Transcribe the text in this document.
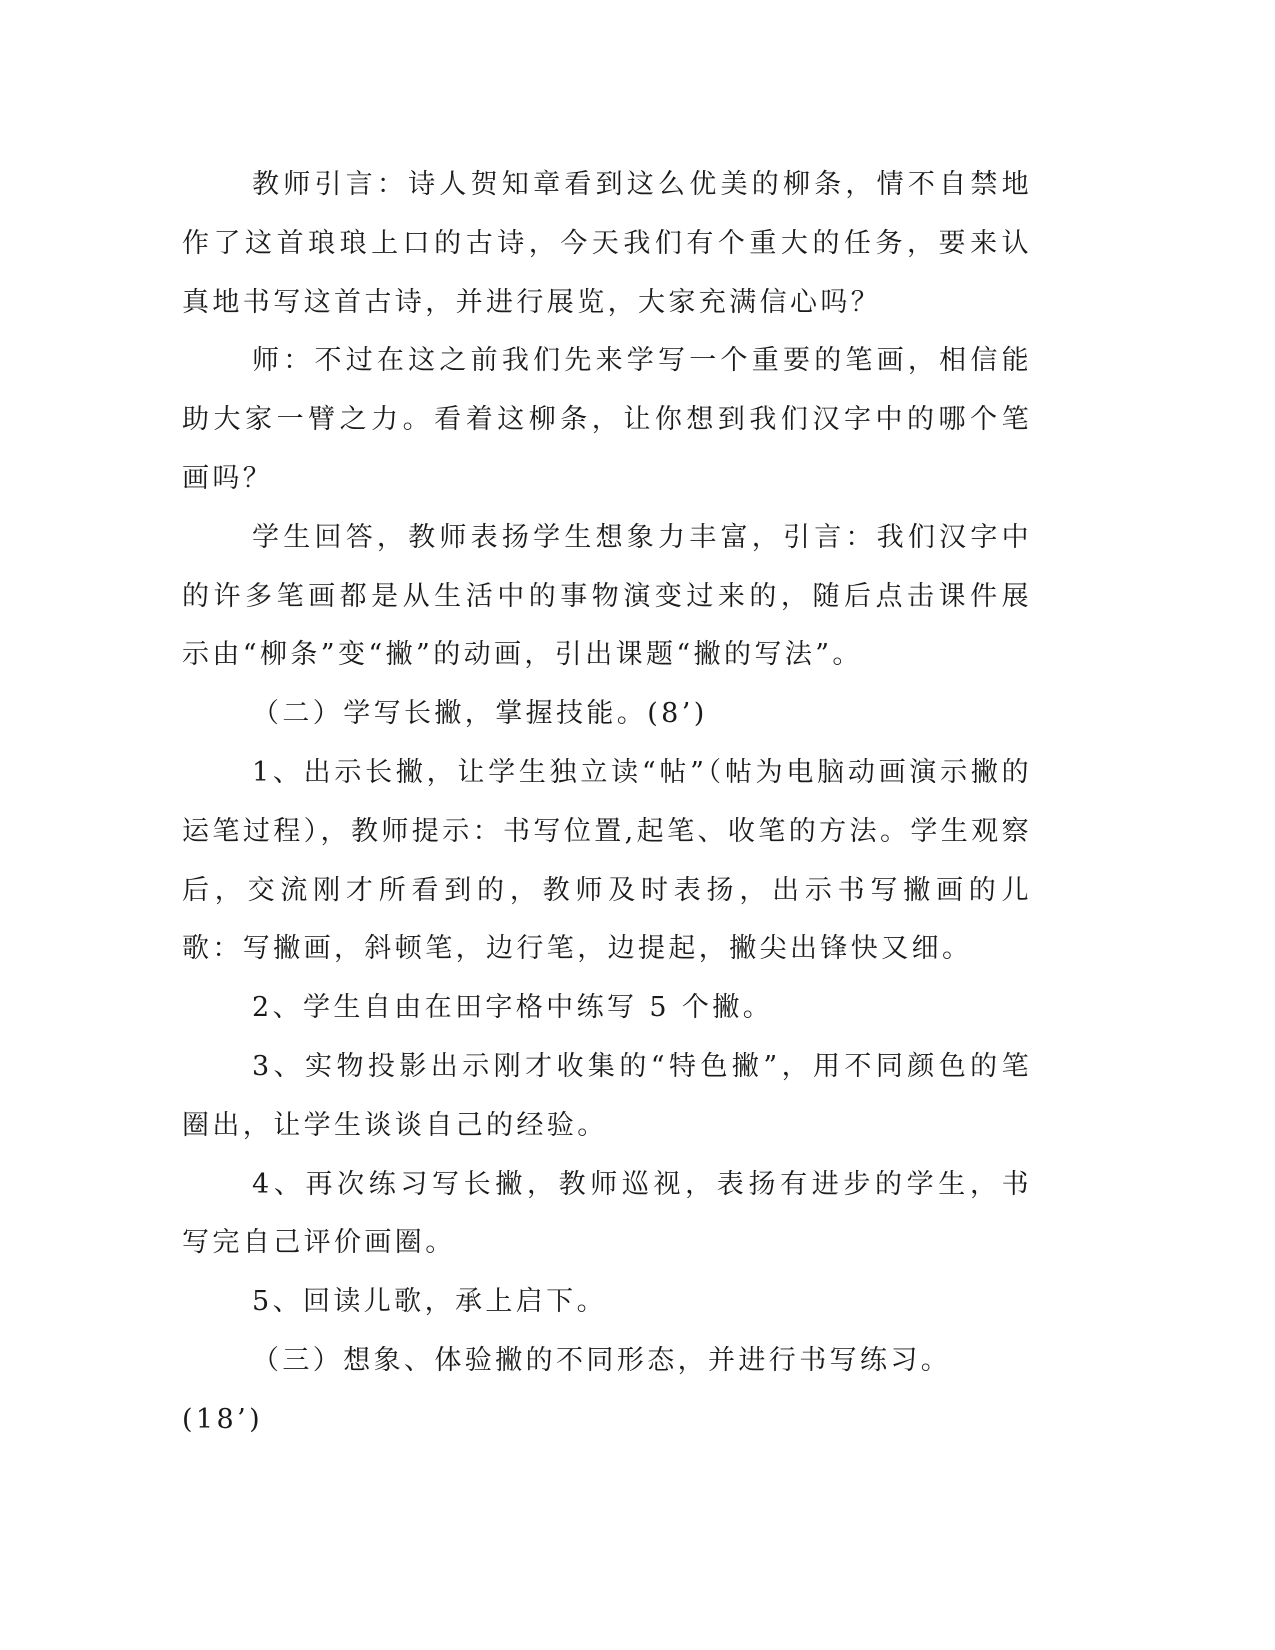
教师引言：诗人贺知章看到这么优美的柳条，情不自禁地作了这首琅琅上口的古诗，今天我们有个重大的任务，要来认真地书写这首古诗，并进行展览，大家充满信心吗？

师：不过在这之前我们先来学写一个重要的笔画，相信能助大家一臂之力。看着这柳条，让你想到我们汉字中的哪个笔画吗？

学生回答，教师表扬学生想象力丰富，引言：我们汉字中的许多笔画都是从生活中的事物演变过来的，随后点击课件展示由“柳条”变“撇”的动画，引出课题“撇的写法”。

（二）学写长撇，掌握技能。(8’)

1、出示长撇，让学生独立读“帖”（帖为电脑动画演示撇的运笔过程），教师提示：书写位置,起笔、收笔的方法。学生观察后，交流刚才所看到的，教师及时表扬，出示书写撇画的儿歌：写撇画，斜顿笔，边行笔，边提起，撇尖出锋快又细。

2、学生自由在田字格中练写 5 个撇。

3、实物投影出示刚才收集的“特色撇”，用不同颜色的笔圈出，让学生谈谈自己的经验。

4、再次练习写长撇，教师巡视，表扬有进步的学生，书写完自己评价画圈。

5、回读儿歌，承上启下。

（三）想象、体验撇的不同形态，并进行书写练习。(18’)
